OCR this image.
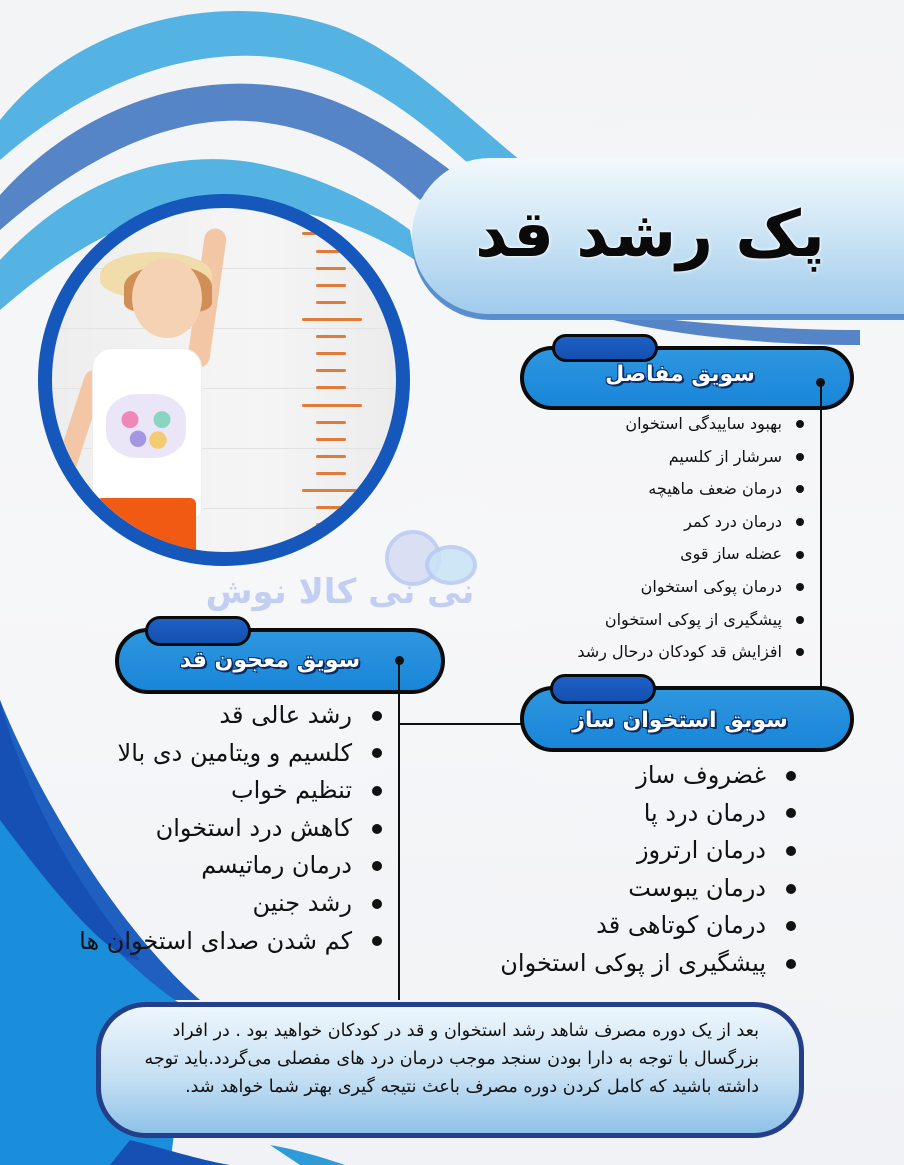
پک رشد قد
نی نی کالا نوش
سویق مفاصل
بهبود ساییدگی استخوان
سرشار از کلسیم
درمان ضعف ماهیچه
درمان درد کمر
عضله ساز قوی
درمان پوکی استخوان
پیشگیری از پوکی استخوان
افزایش قد کودکان درحال رشد
سویق معجون قد
رشد عالی قد
کلسیم و ویتامین دی بالا
تنظیم خواب
کاهش درد استخوان
درمان رماتیسم
رشد جنین
کم شدن صدای استخوان ها
سویق استخوان ساز
غضروف ساز
درمان درد پا
درمان ارتروز
درمان یبوست
درمان کوتاهی قد
پیشگیری از پوکی استخوان
بعد از یک دوره مصرف شاهد رشد استخوان و قد در کودکان خواهید بود . در افراد بزرگسال با توجه به دارا بودن سنجد موجب درمان درد های مفصلی می‌گردد.باید توجه داشته باشید که کامل کردن دوره مصرف باعث نتیجه گیری بهتر شما خواهد شد.
